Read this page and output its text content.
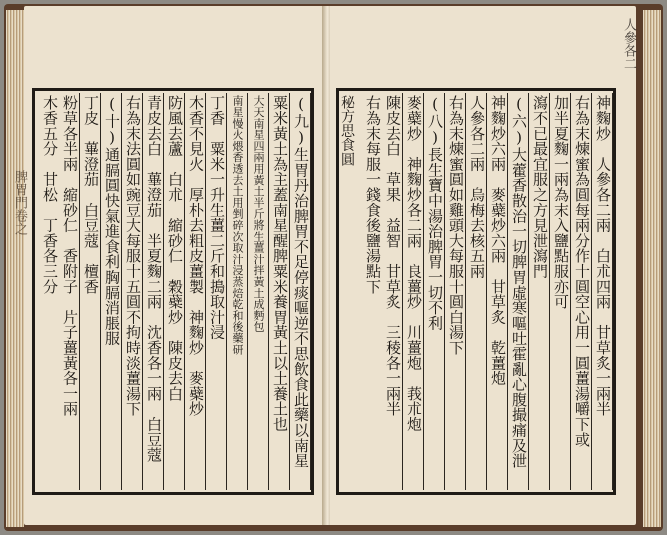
(九)生胃丹治脾胃不足停痰嘔逆不思飲食此藥以南星
粟米黃土為主蓋南星醒脾粟米養胃黃土以土養土也
大天南星四兩用黃土半斤將生薑汁拌黃土成麪包
南星慢火煨香透去土用剉碎次取汁浸蒸焙乾和後藥研
丁香　粟米一升生薑二斤和搗取汁浸
木香不見火　厚朴去粗皮薑製　神麴炒　麥蘗炒
防風去蘆　白朮　縮砂仁　穀蘗炒　陳皮去白
青皮去白　蓽澄茄　半夏麴二兩　沈香各一兩　白豆蔻
右為末法圓如豌豆大每服十五圓不拘時淡薑湯下
(十)通膈圓快氣進食利胸膈消脹服
丁皮　蓽澄茄　白豆蔻　檀香
粉草各半兩　縮砂仁　香附子　片子薑黃各一兩
木香五分　甘松　丁香各三分	神麴炒　人參各二兩　白朮四兩　甘草炙一兩半
右為末煉蜜為圓每兩分作十圓空心用一圓薑湯嚼下或
加半夏麴一兩為末入鹽點服亦可
瀉不已最宜服之方見泄瀉門
(六)大藿香散治一切脾胃虛寒嘔吐霍亂心腹撮痛及泄
神麴炒六兩　麥蘗炒六兩　甘草炙　乾薑炮
人參各二兩　烏梅去核五兩
右為末煉蜜圓如雞頭大每服十圓白湯下
(八)長生寶中湯治脾胃一切不利
麥蘗炒　神麴炒各二兩　良薑炒　川薑炮　莪朮炮
陳皮去白　草果　益智　甘草炙　三稜各一兩半
右為末每服一錢食後鹽湯點下
秘方思食圓
人參各二
脾胃門卷之
